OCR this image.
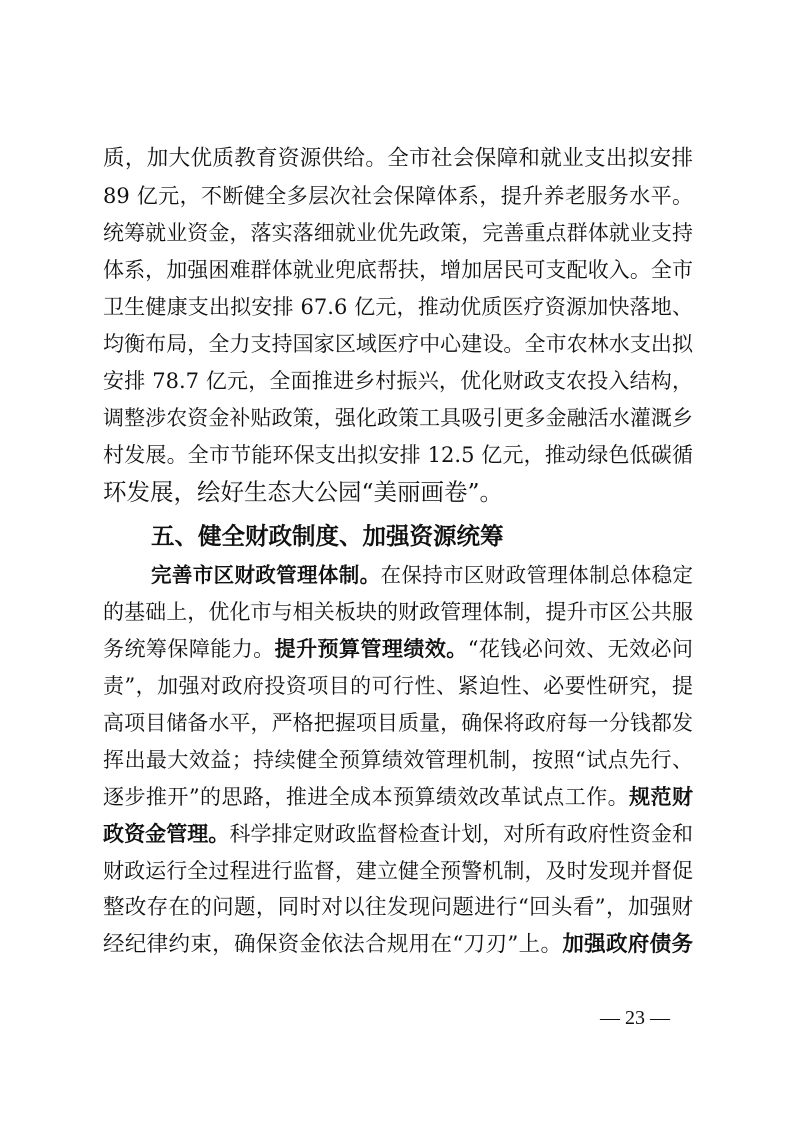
质，加大优质教育资源供给。全市社会保障和就业支出拟安排
89 亿元，不断健全多层次社会保障体系，提升养老服务水平。
统筹就业资金，落实落细就业优先政策，完善重点群体就业支持
体系，加强困难群体就业兜底帮扶，增加居民可支配收入。全市
卫生健康支出拟安排 67.6 亿元，推动优质医疗资源加快落地、
均衡布局，全力支持国家区域医疗中心建设。全市农林水支出拟
安排 78.7 亿元，全面推进乡村振兴，优化财政支农投入结构，
调整涉农资金补贴政策，强化政策工具吸引更多金融活水灌溉乡
村发展。全市节能环保支出拟安排 12.5 亿元，推动绿色低碳循
环发展，绘好生态大公园“美丽画卷”。
五、健全财政制度、加强资源统筹
完善市区财政管理体制。在保持市区财政管理体制总体稳定
的基础上，优化市与相关板块的财政管理体制，提升市区公共服
务统筹保障能力。提升预算管理绩效。“花钱必问效、无效必问
责”，加强对政府投资项目的可行性、紧迫性、必要性研究，提
高项目储备水平，严格把握项目质量，确保将政府每一分钱都发
挥出最大效益；持续健全预算绩效管理机制，按照“试点先行、
逐步推开”的思路，推进全成本预算绩效改革试点工作。规范财
政资金管理。科学排定财政监督检查计划，对所有政府性资金和
财政运行全过程进行监督，建立健全预警机制，及时发现并督促
整改存在的问题，同时对以往发现问题进行“回头看”，加强财
经纪律约束，确保资金依法合规用在“刀刃”上。加强政府债务
— 23 —
